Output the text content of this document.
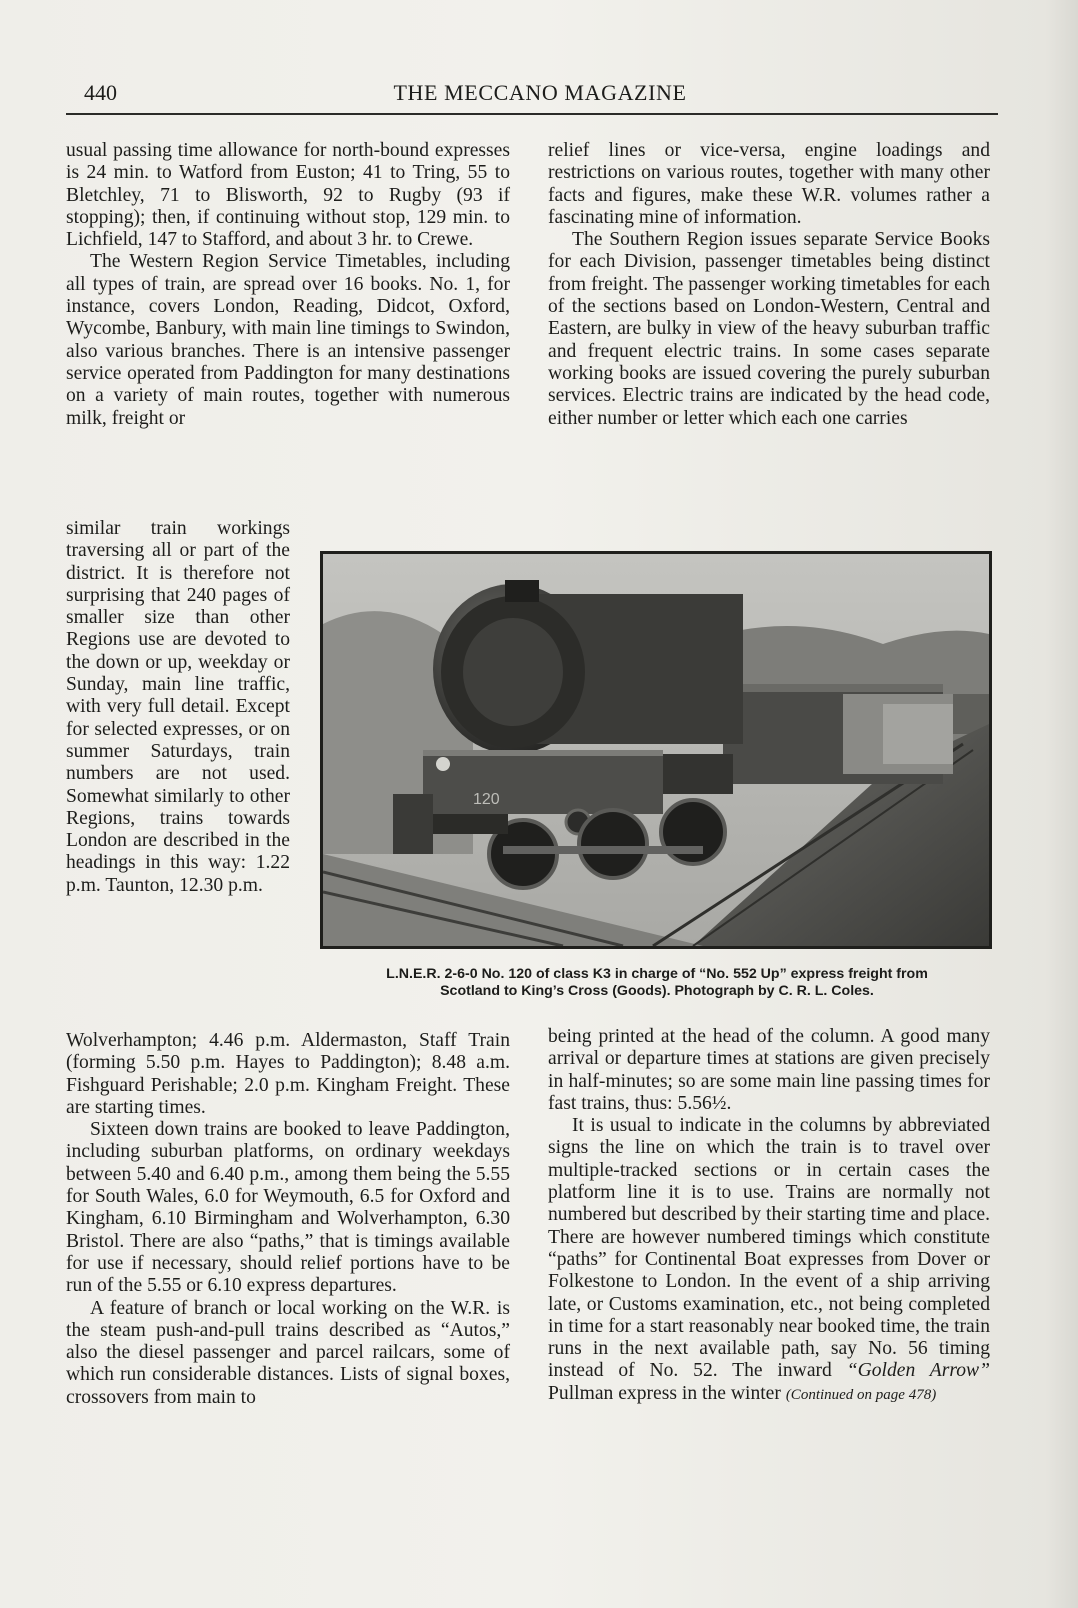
440	THE MECCANO MAGAZINE

usual passing time allowance for north-bound expresses is 24 min. to Watford from Euston; 41 to Tring, 55 to Bletchley, 71 to Blisworth, 92 to Rugby (93 if stopping); then, if continuing without stop, 129 min. to Lichfield, 147 to Stafford, and about 3 hr. to Crewe.

The Western Region Service Timetables, including all types of train, are spread over 16 books. No. 1, for instance, covers London, Reading, Didcot, Oxford, Wycombe, Banbury, with main line timings to Swindon, also various branches. There is an intensive passenger service operated from Paddington for many destinations on a variety of main routes, together with numerous milk, freight or

similar train workings traversing all or part of the district. It is therefore not surprising that 240 pages of smaller size than other Regions use are devoted to the down or up, weekday or Sunday, main line traffic, with very full detail. Except for selected expresses, or on summer Saturdays, train numbers are not used. Somewhat similarly to other Regions, trains towards London are described in the headings in this way: 1.22 p.m. Taunton, 12.30 p.m.

Wolverhampton; 4.46 p.m. Aldermaston, Staff Train (forming 5.50 p.m. Hayes to Paddington); 8.48 a.m. Fishguard Perishable; 2.0 p.m. Kingham Freight. These are starting times.

Sixteen down trains are booked to leave Paddington, including suburban platforms, on ordinary weekdays between 5.40 and 6.40 p.m., among them being the 5.55 for South Wales, 6.0 for Weymouth, 6.5 for Oxford and Kingham, 6.10 Birmingham and Wolverhampton, 6.30 Bristol. There are also “paths,” that is timings available for use if necessary, should relief portions have to be run of the 5.55 or 6.10 express departures.

A feature of branch or local working on the W.R. is the steam push-and-pull trains described as “Autos,” also the diesel passenger and parcel railcars, some of which run considerable distances. Lists of signal boxes, crossovers from main to

relief lines or vice-versa, engine loadings and restrictions on various routes, together with many other facts and figures, make these W.R. volumes rather a fascinating mine of information.

The Southern Region issues separate Service Books for each Division, passenger timetables being distinct from freight. The passenger working timetables for each of the sections based on London-Western, Central and Eastern, are bulky in view of the heavy suburban traffic and frequent electric trains. In some cases separate working books are issued covering the purely suburban services. Electric trains are indicated by the head code, either number or letter which each one carries

being printed at the head of the column. A good many arrival or departure times at stations are given precisely in half-minutes; so are some main line passing times for fast trains, thus: 5.56½.

It is usual to indicate in the columns by abbreviated signs the line on which the train is to travel over multiple-tracked sections or in certain cases the platform line it is to use. Trains are normally not numbered but described by their starting time and place. There are however numbered timings which constitute “paths” for Continental Boat expresses from Dover or Folkestone to London. In the event of a ship arriving late, or Customs examination, etc., not being completed in time for a start reasonably near booked time, the train runs in the next available path, say No. 56 timing instead of No. 52. The inward “Golden Arrow” Pullman express in the winter (Continued on page 478)

120
L.N.E.R. 2-6-0 No. 120 of class K3 in charge of “No. 552 Up” express freight from
Scotland to King’s Cross (Goods). Photograph by C. R. L. Coles.
